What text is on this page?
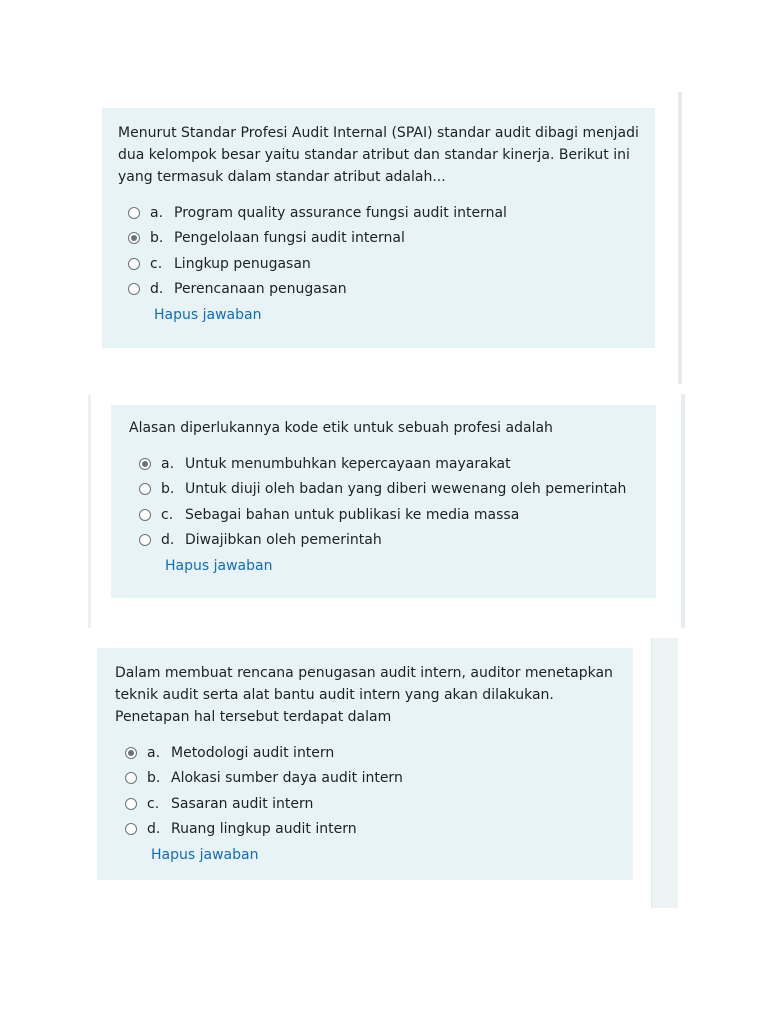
Menurut Standar Profesi Audit Internal (SPAI) standar audit dibagi menjadi dua kelompok besar yaitu standar atribut dan standar kinerja. Berikut ini yang termasuk dalam standar atribut adalah...

a. Program quality assurance fungsi audit internal
b. Pengelolaan fungsi audit internal
c. Lingkup penugasan
d. Perencanaan penugasan
Hapus jawaban

Alasan diperlukannya kode etik untuk sebuah profesi adalah

a. Untuk menumbuhkan kepercayaan mayarakat
b. Untuk diuji oleh badan yang diberi wewenang oleh pemerintah
c. Sebagai bahan untuk publikasi ke media massa
d. Diwajibkan oleh pemerintah
Hapus jawaban

Dalam membuat rencana penugasan audit intern, auditor menetapkan teknik audit serta alat bantu audit intern yang akan dilakukan. Penetapan hal tersebut terdapat dalam

a. Metodologi audit intern
b. Alokasi sumber daya audit intern
c. Sasaran audit intern
d. Ruang lingkup audit intern
Hapus jawaban
